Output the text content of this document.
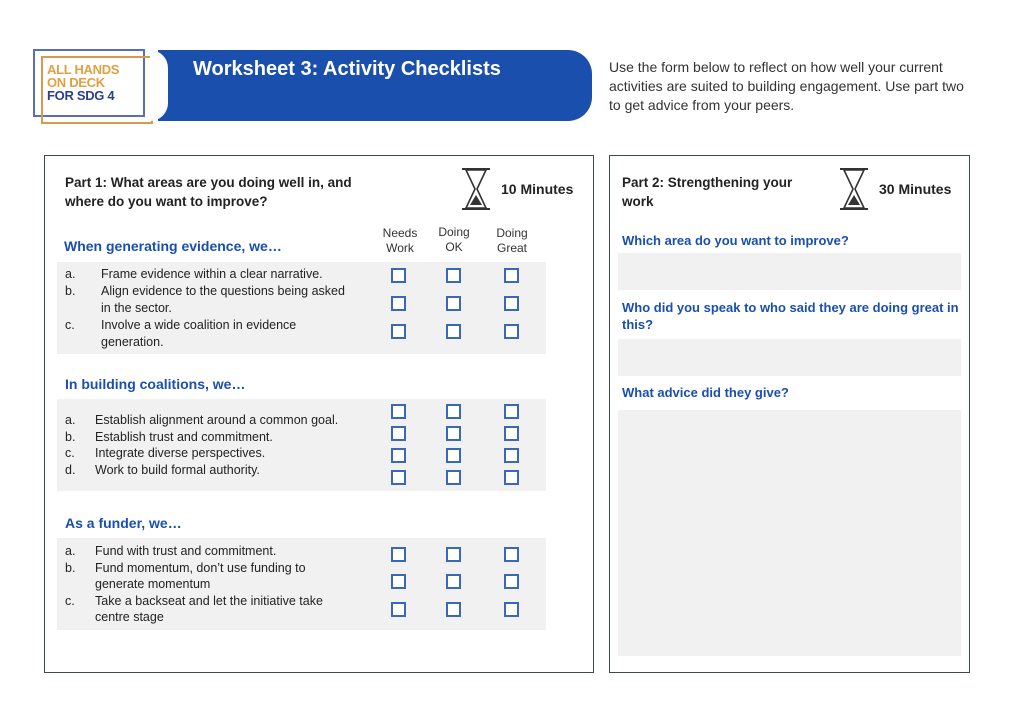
ALL HANDS
ON DECK
FOR SDG 4
Worksheet 3: Activity Checklists	Use the form below to reflect on how well your current activities are suited to building engagement. Use part two to get advice from your peers.
Part 1: What areas are you doing well in, and
where do you want to improve?
10 Minutes
Needs
Work
Doing
OK
Doing
Great
When generating evidence, we…
a. Frame evidence within a clear narrative.
b. Align evidence to the questions being asked
in the sector.
c. Involve a wide coalition in evidence
generation.
In building coalitions, we…
a. Establish alignment around a common goal.
b. Establish trust and commitment.
c. Integrate diverse perspectives.
d. Work to build formal authority.
As a funder, we…
a. Fund with trust and commitment.
b. Fund momentum, don’t use funding to
generate momentum
c. Take a backseat and let the initiative take
centre stage
Part 2: Strengthening your
work
30 Minutes
Which area do you want to improve?
Who did you speak to who said they are doing great in
this?
What advice did they give?
